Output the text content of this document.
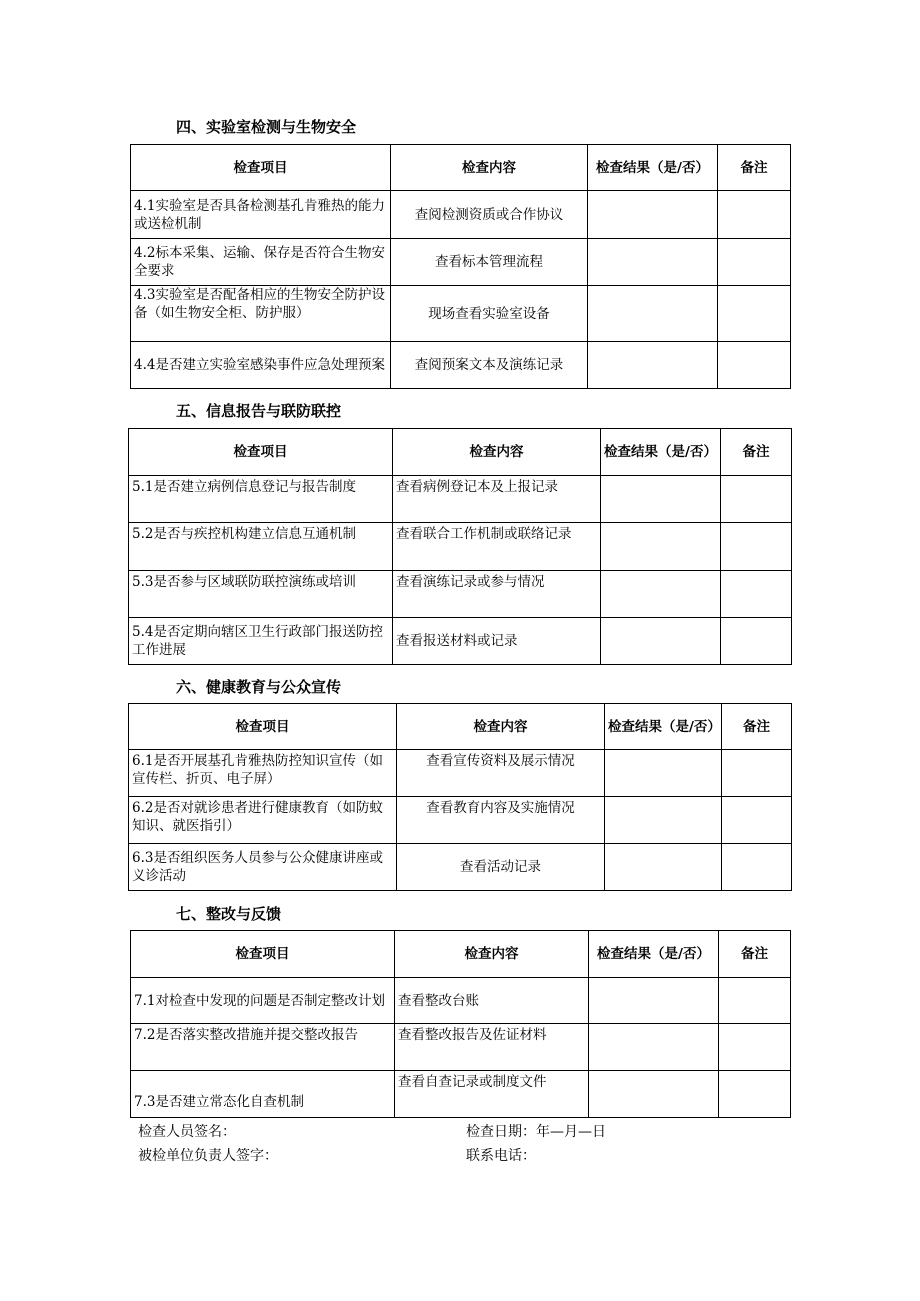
四、实验室检测与生物安全
检查项目	检查内容	检查结果（是/否）	备注
4.1实验室是否具备检测基孔肯雅热的能力或送检机制	查阅检测资质或合作协议		
4.2标本采集、运输、保存是否符合生物安全要求	查看标本管理流程		
4.3实验室是否配备相应的生物安全防护设备（如生物安全柜、防护服）	现场查看实验室设备		
4.4是否建立实验室感染事件应急处理预案	查阅预案文本及演练记录		
五、信息报告与联防联控
检查项目	检查内容	检查结果（是/否）	备注
5.1是否建立病例信息登记与报告制度	查看病例登记本及上报记录		
5.2是否与疾控机构建立信息互通机制	查看联合工作机制或联络记录		
5.3是否参与区域联防联控演练或培训	查看演练记录或参与情况		
5.4是否定期向辖区卫生行政部门报送防控工作进展	查看报送材料或记录		
六、健康教育与公众宣传
检查项目	检查内容	检查结果（是/否）	备注
6.1是否开展基孔肯雅热防控知识宣传（如宣传栏、折页、电子屏）	查看宣传资料及展示情况		
6.2是否对就诊患者进行健康教育（如防蚊知识、就医指引）	查看教育内容及实施情况		
6.3是否组织医务人员参与公众健康讲座或义诊活动	查看活动记录		
七、整改与反馈
检查项目	检查内容	检查结果（是/否）	备注
7.1对检查中发现的问题是否制定整改计划	查看整改台账		
7.2是否落实整改措施并提交整改报告	查看整改报告及佐证材料		
7.3是否建立常态化自查机制	查看自查记录或制度文件		
检查人员签名：	检查日期：年—月—日
被检单位负责人签字：	联系电话：
